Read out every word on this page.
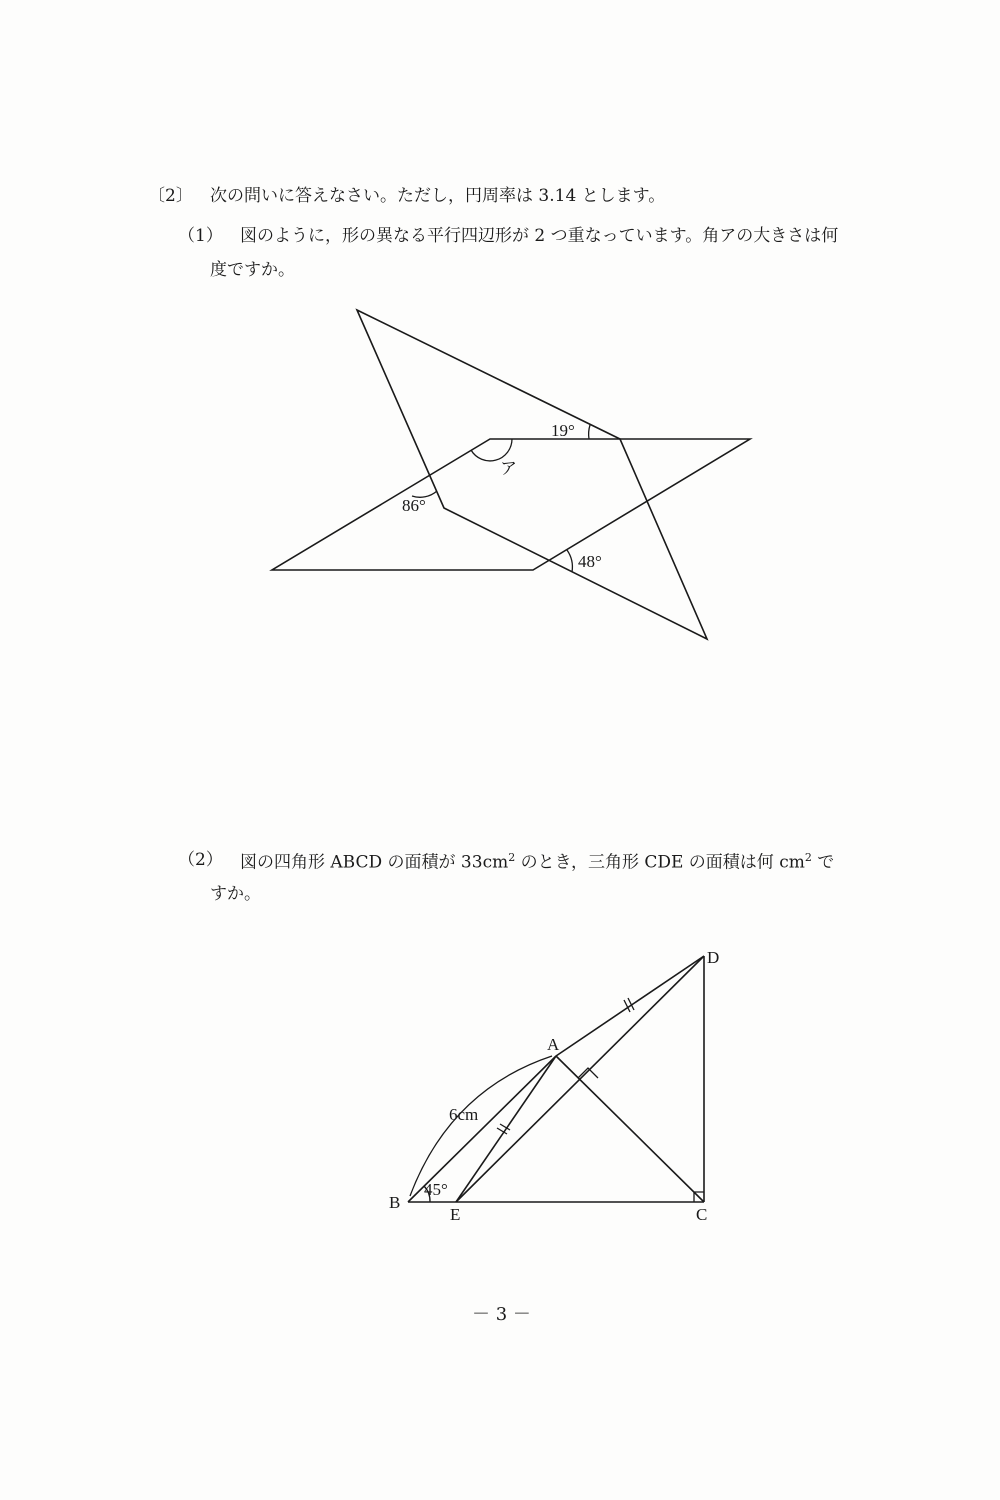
〔2〕 次の問いに答えなさい。ただし，円周率は 3.14 とします。
（1） 図のように，形の異なる平行四辺形が 2 つ重なっています。角アの大きさは何
度ですか。
19°
ア
86°
48°
（2） 図の四角形 ABCD の面積が $33cm^2$ のとき，三角形 CDE の面積は何 $cm^2$ で
すか。
A
B
C
D
E
6cm
45°
－ 3 －
